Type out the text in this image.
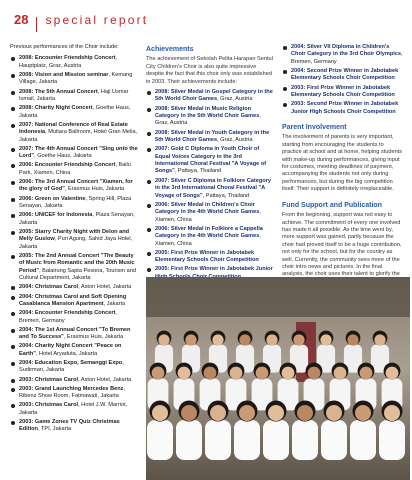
28 special report

Previous performances of the Choir include:

2008: Encounter Friendship Concert, Hauptplatz, Graz, Austria
2008: Vision and Mission seminar, Kemang Village, Jakarta
2008: The 5th Annual Concert, Haji Usmar Ismail, Jakarta
2008: Charity Night Concert, Goethe Haus, Jakarta
2007: National Conference of Real Estate Indonesia, Mutiara Ballroom, Hotel Gran Melia, Jakarta
2007: The 4th Annual Concert "Sing unto the Lord", Goethe Haus, Jakarta
2006: Encounter Friendship Concert, Bailu Park, Xiamen, China
2006: The 3rd Annual Concert "Xiamen, for the glory of God", Erasmus Huis, Jakarta
2006: Green on Valentine, Spring Hill, Plaza Senayan, Jakarta
2006: UNICEF for Indonesia, Plaza Senayan, Jakarta
2005: Starry Charity Night with Delon and Melly Guslow, Puri Agung, Sahid Jaya Hotel, Jakarta
2005: The 2nd Annual Concert "The Beauty of Music from Romantic and the 20th Music Period", Balairung Sapta Pesona, Tourism and Cultural Department, Jakarta
2004: Christmas Carol, Aston Hotel, Jakarta
2004: Christmas Carol and Soft Opening Casablanca Mansion Apartment, Jakarta
2004: Encounter Friendship Concert, Bremen, Germany
2004: The 1st Annual Concert "To Bremen and To Success", Erasmus Huis, Jakarta
2004: Charity Night Concert "Peace on Earth", Hotel Aryaduta, Jakarta
2004: Education Expo, Semanggi Expo, Sudirman, Jakarta
2003: Christmas Carol, Aston Hotel, Jakarta
2003: Grand Launching Mercedes Benz, Ribenz Show Room, Fatmawati, Jakarta
2003: Christmas Carol, Hotel J.W. Marriot, Jakarta
2003: Game Zones TV Quiz Christmas Edition, TPI, Jakarta
Achievements

The achievement of Sekolah Pelita Harapan Sentul City Children's Choir is also quite impressive despite the fact that this choir only was established in 2003. Their achievements include:

2008: Silver Medal in Gospel Category in the 5th World Choir Games, Graz, Austria
2008: Silver Medal in Music Religion Category in the 5th World Choir Games, Graz, Austria
2008: Silver Medal in Youth Category in the 5th World Choir Games, Graz, Austria
2007: Gold C Diploma in Youth Choir of Equal Voices Category in the 3rd International Choral Festival "A Voyage of Songs", Pattaya, Thailand
2007: Silver C Diploma in Folklore Category in the 3rd International Choral Festival "A Voyage of Songs", Pattaya, Thailand
2006: Silver Medal in Children's Choir Category in the 4th World Choir Games, Xiamen, China
2006: Silver Medal in Folklore a Cappella Category in the 4th World Choir Games, Xiamen, China
2005: First Prize Winner in Jabotabek Elementary Schools Choir Competition
2005: First Prize Winner in Jabotabek Junior
2004: Silver VII Diploma in Children's Choir Category in the 3rd Choir Olympics, Bremen, Germany
2004: Second Prize Winner in Jabotabek Elementary Schools Choir Competition
2003: First Prize Winner in Jabotabek Elementary Schools Choir Competition
2003: Second Prize Winner in Jabotabek Junior High Schools Choir Competition
Parent Involvement

The involvement of parents is very important, starting from encouraging the students to practice at school and at home, helping students with make-up during performances, giving input for costumes, meeting deadlines of payment, accompanying the students not only during performances, but during the big competition itself. Their support is definitely irreplaceable.

Fund Support and Publication

From the beginning, support was not easy to achieve. The commitment of every one involved has made it all possible. As the time went by, more support was gained, partly because the choir had proved itself to be a huge contribution, not only for the school, but for the country as well. Currently, the community sees more of the choir intro news and pictures. In the final analysis, the choir uses their talent to glorify the
